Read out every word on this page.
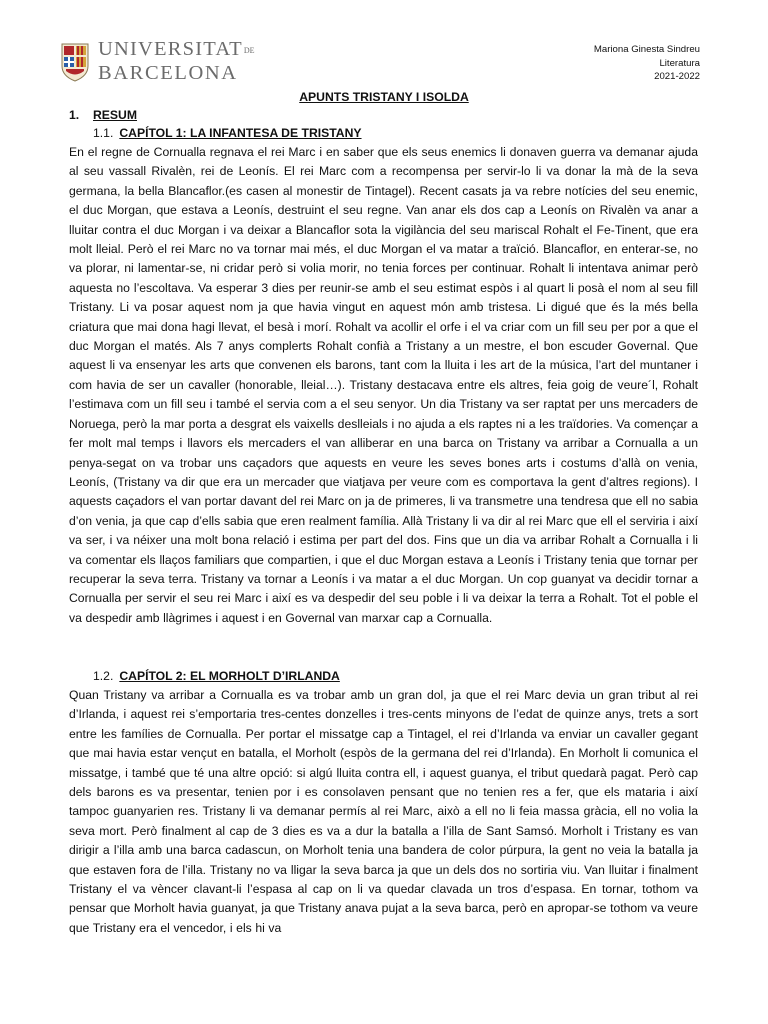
UNIVERSITATDE
BARCELONA
Mariona Ginesta Sindreu
Literatura
2021-2022
APUNTS TRISTANY I ISOLDA
1. RESUM
1.1. CAPÍTOL 1: LA INFANTESA DE TRISTANY
En el regne de Cornualla regnava el rei Marc i en saber que els seus enemics li donaven guerra va demanar ajuda al seu vassall Rivalèn, rei de Leonís. El rei Marc com a recompensa per servir-lo li va donar la mà de la seva germana, la bella Blancaflor.(es casen al monestir de Tintagel). Recent casats ja va rebre notícies del seu enemic, el duc Morgan, que estava a Leonís, destruint el seu regne. Van anar els dos cap a Leonís on Rivalèn va anar a lluitar contra el duc Morgan i va deixar a Blancaflor sota la vigilància del seu mariscal Rohalt el Fe-Tinent, que era molt lleial. Però el rei Marc no va tornar mai més, el duc Morgan el va matar a traïció. Blancaflor, en enterar-se, no va plorar, ni lamentar-se, ni cridar però si volia morir, no tenia forces per continuar. Rohalt li intentava animar però aquesta no l’escoltava. Va esperar 3 dies per reunir-se amb el seu estimat espòs i al quart li posà el nom al seu fill Tristany. Li va posar aquest nom ja que havia vingut en aquest món amb tristesa. Li digué que és la més bella criatura que mai dona hagi llevat, el besà i morí. Rohalt va acollir el orfe i el va criar com un fill seu per por a que el duc Morgan el matés. Als 7 anys complerts Rohalt confià a Tristany a un mestre, el bon escuder Governal. Que aquest li va ensenyar les arts que convenen els barons, tant com la lluita i les art de la música, l’art del muntaner i com havia de ser un cavaller (honorable, lleial…). Tristany destacava entre els altres, feia goig de veure´l, Rohalt l’estimava com un fill seu i també el servia com a el seu senyor. Un dia Tristany va ser raptat per uns mercaders de Noruega, però la mar porta a desgrat els vaixells deslleials i no ajuda a els raptes ni a les traïdories. Va començar a fer molt mal temps i llavors els mercaders el van alliberar en una barca on Tristany va arribar a Cornualla a un penya-segat on va trobar uns caçadors que aquests en veure les seves bones arts i costums d’allà on venia, Leonís, (Tristany va dir que era un mercader que viatjava per veure com es comportava la gent d’altres regions). I aquests caçadors el van portar davant del rei Marc on ja de primeres, li va transmetre una tendresa que ell no sabia d’on venia, ja que cap d’ells sabia que eren realment família. Allà Tristany li va dir al rei Marc que ell el serviria i així va ser, i va néixer una molt bona relació i estima per part del dos. Fins que un dia va arribar Rohalt a Cornualla i li va comentar els llaços familiars que compartien, i que el duc Morgan estava a Leonís i Tristany tenia que tornar per recuperar la seva terra. Tristany va tornar a Leonís i va matar a el duc Morgan. Un cop guanyat va decidir tornar a Cornualla per servir el seu rei Marc i així es va despedir del seu poble i li va deixar la terra a Rohalt. Tot el poble el va despedir amb llàgrimes i aquest i en Governal van marxar cap a Cornualla.
1.2. CAPÍTOL 2: EL MORHOLT D’IRLANDA
Quan Tristany va arribar a Cornualla es va trobar amb un gran dol, ja que el rei Marc devia un gran tribut al rei d’Irlanda, i aquest rei s’emportaria tres-centes donzelles i tres-cents minyons de l’edat de quinze anys, trets a sort entre les famílies de Cornualla. Per portar el missatge cap a Tintagel, el rei d’Irlanda va enviar un cavaller gegant que mai havia estar vençut en batalla, el Morholt (espòs de la germana del rei d’Irlanda). En Morholt li comunica el missatge, i també que té una altre opció: si algú lluita contra ell, i aquest guanya, el tribut quedarà pagat. Però cap dels barons es va presentar, tenien por i es consolaven pensant que no tenien res a fer, que els mataria i així tampoc guanyarien res. Tristany li va demanar permís al rei Marc, això a ell no li feia massa gràcia, ell no volia la seva mort. Però finalment al cap de 3 dies es va a dur la batalla a l’illa de Sant Samsó. Morholt i Tristany es van dirigir a l’illa amb una barca cadascun, on Morholt tenia una bandera de color púrpura, la gent no veia la batalla ja que estaven fora de l’illa. Tristany no va lligar la seva barca ja que un dels dos no sortiria viu. Van lluitar i finalment Tristany el va vèncer clavant-li l’espasa al cap on li va quedar clavada un tros d’espasa. En tornar, tothom va pensar que Morholt havia guanyat, ja que Tristany anava pujat a la seva barca, però en apropar-se tothom va veure que Tristany era el vencedor, i els hi va
